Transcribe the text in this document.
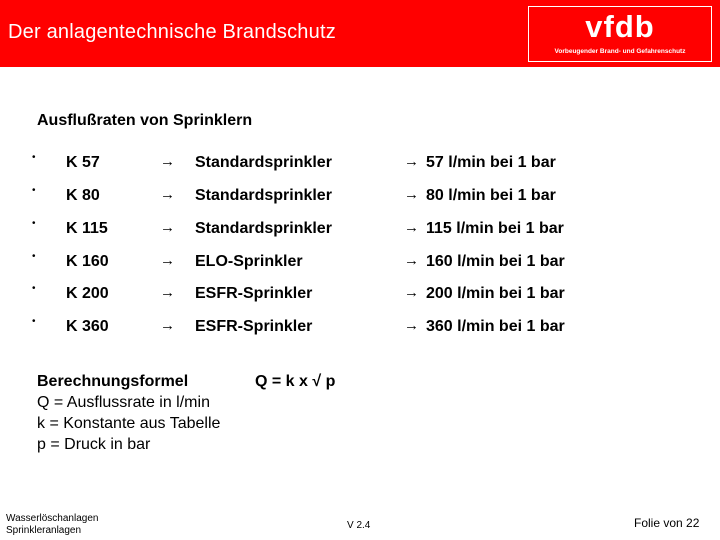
Der anlagentechnische Brandschutz	vfdb
Vorbeugender Brand- und Gefahrenschutz
Ausflußraten von Sprinklern
• K 57	→ Standardsprinkler	→ 57 l/min bei 1 bar
• K 80	→ Standardsprinkler	→ 80 l/min bei 1 bar
• K 115	→ Standardsprinkler	→ 115 l/min bei 1 bar
• K 160	→ ELO-Sprinkler	→ 160 l/min bei 1 bar
• K 200	→ ESFR-Sprinkler	→ 200 l/min bei 1 bar
• K 360	→ ESFR-Sprinkler	→ 360 l/min bei 1 bar
Berechnungsformel	Q = k x √ p
Q = Ausflussrate in l/min
k = Konstante aus Tabelle
p = Druck in bar
Wasserlöschanlagen
Sprinkleranlagen	V 2.4	Folie von 22
